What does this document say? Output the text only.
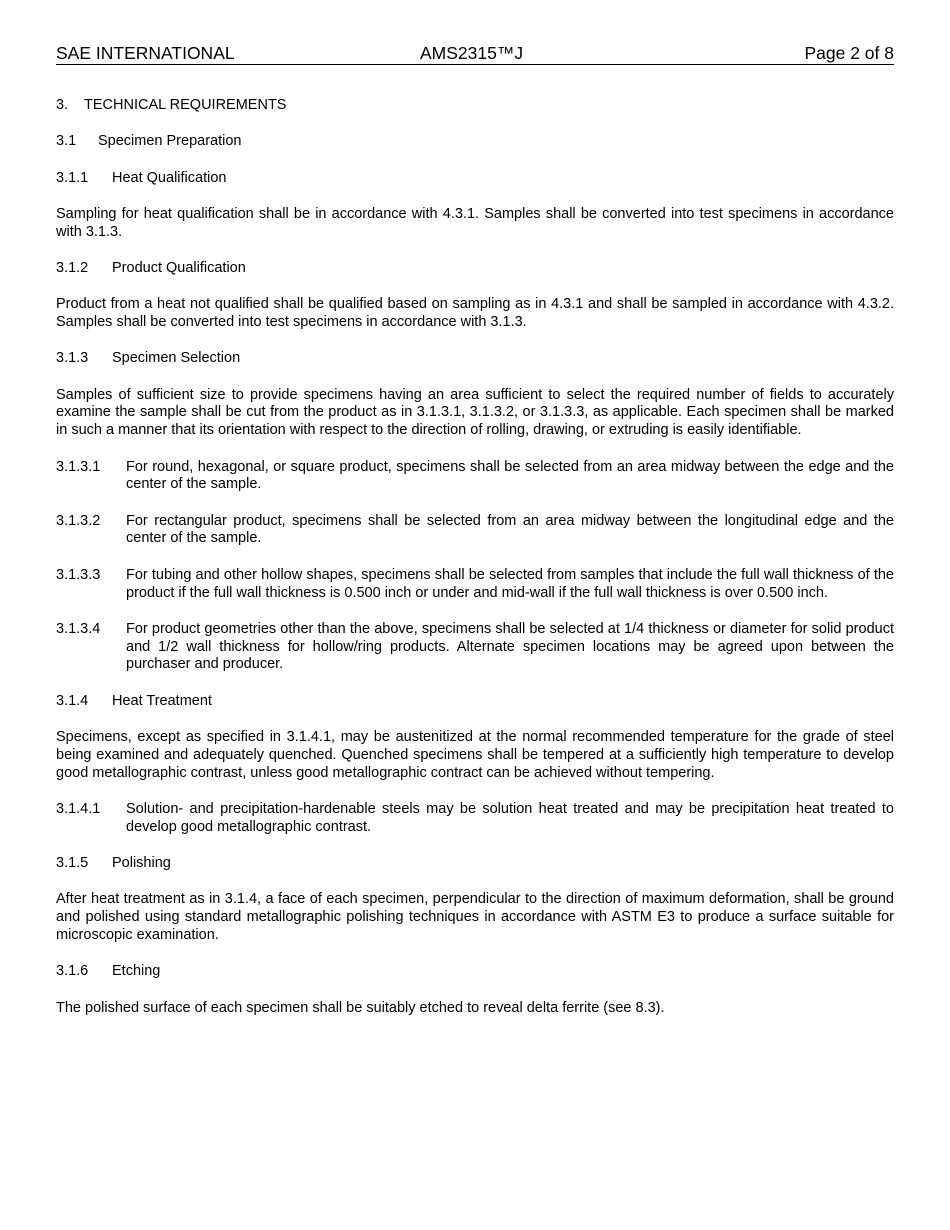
SAE INTERNATIONAL	AMS2315™J	Page 2 of 8
3. TECHNICAL REQUIREMENTS
3.1 Specimen Preparation
3.1.1 Heat Qualification

Sampling for heat qualification shall be in accordance with 4.3.1. Samples shall be converted into test specimens in accordance with 3.1.3.

3.1.2 Product Qualification

Product from a heat not qualified shall be qualified based on sampling as in 4.3.1 and shall be sampled in accordance with 4.3.2. Samples shall be converted into test specimens in accordance with 3.1.3.

3.1.3 Specimen Selection

Samples of sufficient size to provide specimens having an area sufficient to select the required number of fields to accurately examine the sample shall be cut from the product as in 3.1.3.1, 3.1.3.2, or 3.1.3.3, as applicable. Each specimen shall be marked in such a manner that its orientation with respect to the direction of rolling, drawing, or extruding is easily identifiable.

3.1.3.1	For round, hexagonal, or square product, specimens shall be selected from an area midway between the edge and the center of the sample.
3.1.3.2	For rectangular product, specimens shall be selected from an area midway between the longitudinal edge and the center of the sample.
3.1.3.3	For tubing and other hollow shapes, specimens shall be selected from samples that include the full wall thickness of the product if the full wall thickness is 0.500 inch or under and mid-wall if the full wall thickness is over 0.500 inch.
3.1.3.4	For product geometries other than the above, specimens shall be selected at 1/4 thickness or diameter for solid product and 1/2 wall thickness for hollow/ring products. Alternate specimen locations may be agreed upon between the purchaser and producer.
3.1.4 Heat Treatment

Specimens, except as specified in 3.1.4.1, may be austenitized at the normal recommended temperature for the grade of steel being examined and adequately quenched. Quenched specimens shall be tempered at a sufficiently high temperature to develop good metallographic contrast, unless good metallographic contract can be achieved without tempering.

3.1.4.1	Solution- and precipitation-hardenable steels may be solution heat treated and may be precipitation heat treated to develop good metallographic contrast.
3.1.5 Polishing

After heat treatment as in 3.1.4, a face of each specimen, perpendicular to the direction of maximum deformation, shall be ground and polished using standard metallographic polishing techniques in accordance with ASTM E3 to produce a surface suitable for microscopic examination.

3.1.6 Etching

The polished surface of each specimen shall be suitably etched to reveal delta ferrite (see 8.3).
